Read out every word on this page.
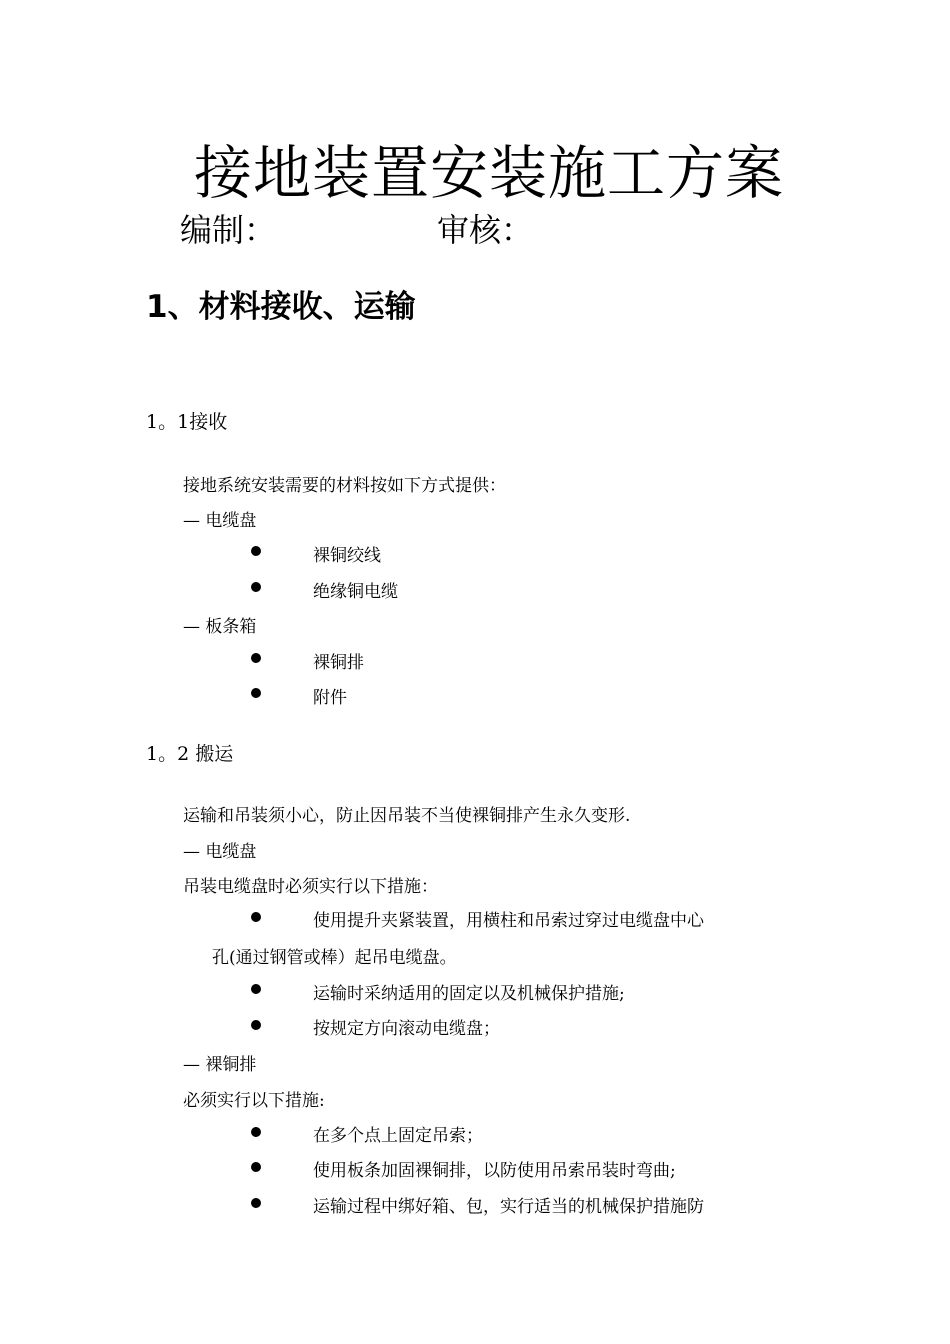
接地装置安装施工方案
编制：	审核：
1、材料接收、运输
1。1接收
接地系统安装需要的材料按如下方式提供：
— 电缆盘
裸铜绞线
绝缘铜电缆
— 板条箱
裸铜排
附件
1。2 搬运
运输和吊装须小心，防止因吊装不当使裸铜排产生永久变形.
— 电缆盘
吊装电缆盘时必须实行以下措施：
使用提升夹紧装置，用横柱和吊索过穿过电缆盘中心
孔(通过钢管或棒）起吊电缆盘。
运输时采纳适用的固定以及机械保护措施;
按规定方向滚动电缆盘；
— 裸铜排
必须实行以下措施:
在多个点上固定吊索；
使用板条加固裸铜排，以防使用吊索吊装时弯曲;
运输过程中绑好箱、包，实行适当的机械保护措施防
